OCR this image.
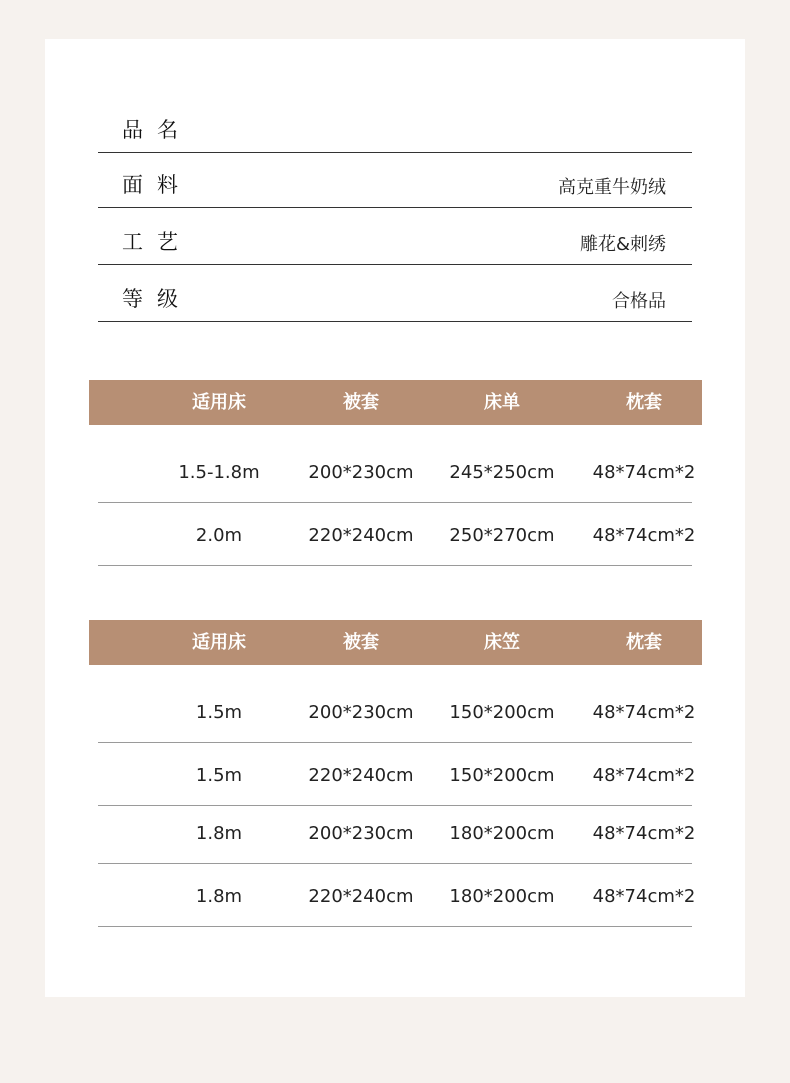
品名
面料	高克重牛奶绒
工艺	雕花&刺绣
等级	合格品
适用床	被套	床单	枕套
1.5-1.8m	200*230cm	245*250cm	48*74cm*2
2.0m	220*240cm	250*270cm	48*74cm*2
适用床	被套	床笠	枕套
1.5m	200*230cm	150*200cm	48*74cm*2
1.5m	220*240cm	150*200cm	48*74cm*2
1.8m	200*230cm	180*200cm	48*74cm*2
1.8m	220*240cm	180*200cm	48*74cm*2
